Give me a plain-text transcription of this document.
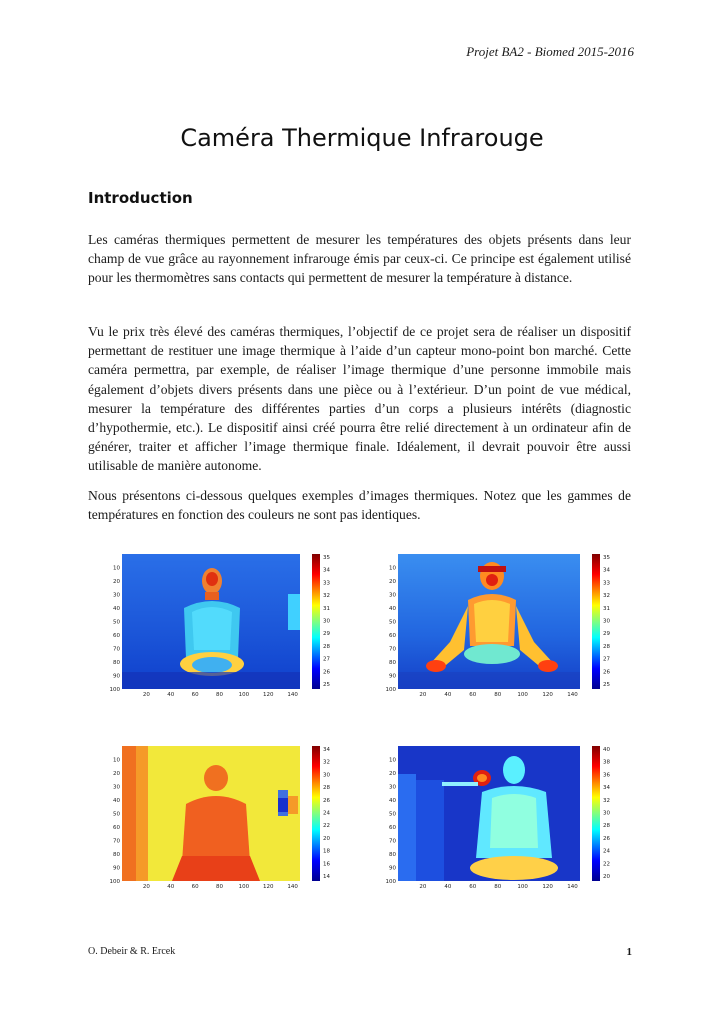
Projet BA2 - Biomed 2015-2016
Caméra Thermique Infrarouge
Introduction

Les caméras thermiques permettent de mesurer les températures des objets présents dans leur champ de vue grâce au rayonnement infrarouge émis par ceux-ci. Ce principe est également utilisé pour les thermomètres sans contacts qui permettent de mesurer la température à distance.

Vu le prix très élevé des caméras thermiques, l’objectif de ce projet sera de réaliser un dispositif permettant de restituer une image thermique à l’aide d’un capteur mono-point bon marché. Cette caméra permettra, par exemple, de réaliser l’image thermique d’une personne immobile mais également d’objets divers présents dans une pièce ou à l’extérieur. D’un point de vue médical, mesurer la température des différentes parties d’un corps a plusieurs intérêts (diagnostic d’hypothermie, etc.). Le dispositif ainsi créé pourra être relié directement à un ordinateur afin de générer, traiter et afficher l’image thermique finale. Idéalement, il devrait pouvoir être aussi utilisable de manière autonome.

Nous présentons ci-dessous quelques exemples d’images thermiques. Notez que les gammes de températures en fonction des couleurs ne sont pas identiques.

20	40	60	80	100	120	140
10
20
30
40
50
60
70
80
90
100
35
34
33
32
31
30
29
28
27
26
25
20	40	60	80	100	120	140
10
20
30
40
50
60
70
80
90
100
35
34
33
32
31
30
29
28
27
26
25
20	40	60	80	100	120	140
10
20
30
40
50
60
70
80
90
100
34
32
30
28
26
24
22
20
18
16
14
20	40	60	80	100	120	140
10
20
30
40
50
60
70
80
90
100
40
38
36
34
32
30
28
26
24
22
20
O. Debeir & R. Ercek	1
